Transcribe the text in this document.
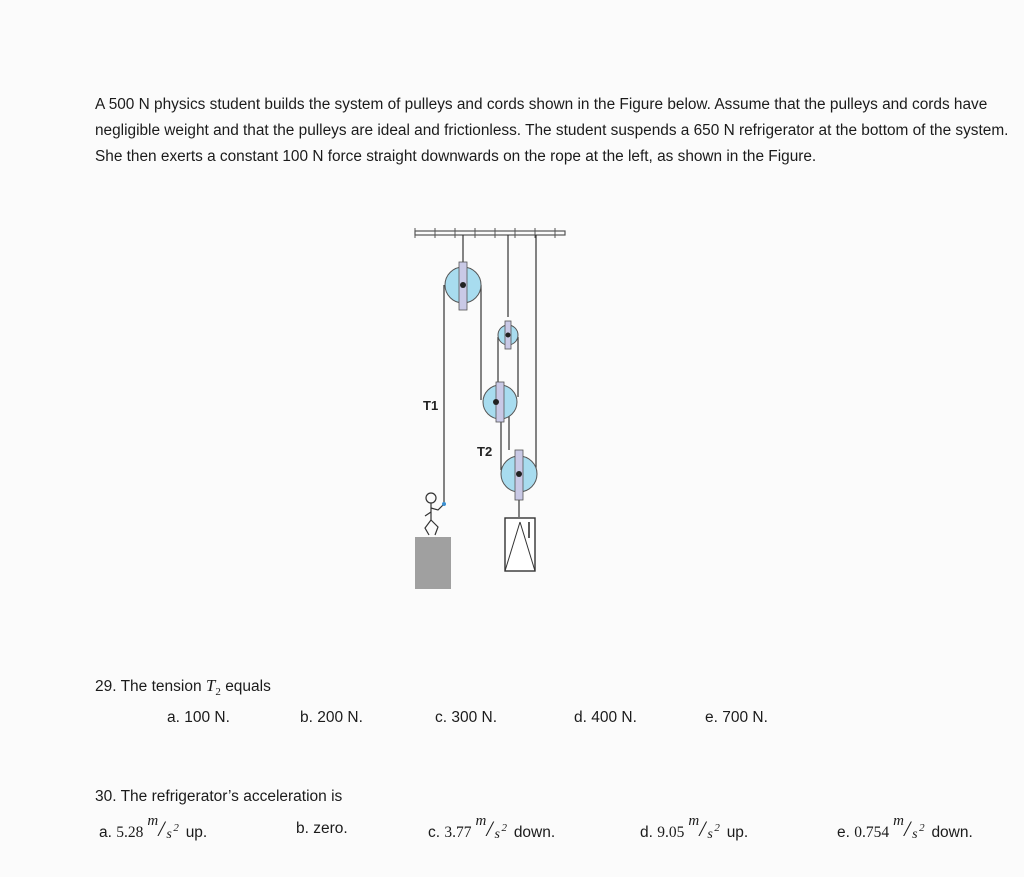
A 500 N physics student builds the system of pulleys and cords shown in the Figure below. Assume that the pulleys and cords have negligible weight and that the pulleys are ideal and frictionless. The student suspends a 650 N refrigerator at the bottom of the system. She then exerts a constant 100 N force straight downwards on the rope at the left, as shown in the Figure.

T1
T2
29. The tension $T_2$ equals
a. 100 N.	b. 200 N.	c. 300 N.	d. 400 N.	e. 700 N.
30. The refrigerator’s acceleration is
a. 5.28
m / s 2 up.	b. zero.	c. 3.77
m / s 2 down.	d. 9.05
m / s 2 up.	e. 0.754
m / s 2 down.
